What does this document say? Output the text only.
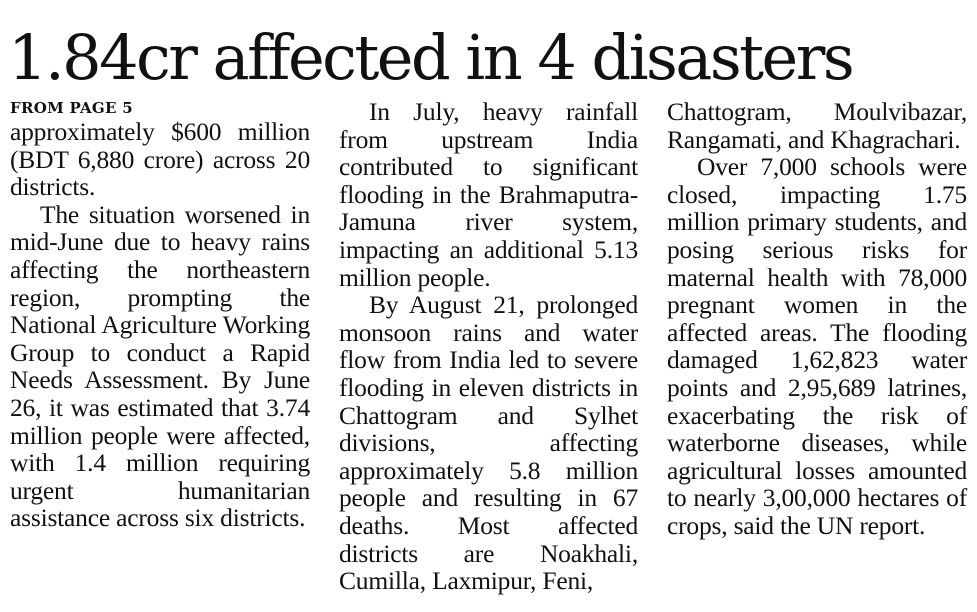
1.84cr affected in 4 disasters

FROM PAGE 5

approximately $600 million (BDT 6,880 crore) across 20 districts.

The situation worsened in mid-June due to heavy rains affecting the northeastern region, prompting the National Agriculture Working Group to conduct a Rapid Needs Assessment. By June 26, it was estimated that 3.74 million people were affected, with 1.4 million requiring urgent humanitarian assistance across six districts.

In July, heavy rainfall from upstream India contributed to significant flooding in the Brahmaputra-Jamuna river system, impacting an additional 5.13 million people.

By August 21, prolonged monsoon rains and water flow from India led to severe flooding in eleven districts in Chattogram and Sylhet divisions, affecting approximately 5.8 million people and resulting in 67 deaths. Most affected districts are Noakhali, Cumilla, Laxmipur, Feni,

Chattogram, Moulvibazar, Rangamati, and Khagrachari.

Over 7,000 schools were closed, impacting 1.75 million primary students, and posing serious risks for maternal health with 78,000 pregnant women in the affected areas. The flooding damaged 1,62,823 water points and 2,95,689 latrines, exacerbating the risk of waterborne diseases, while agricultural losses amounted to nearly 3,00,000 hectares of crops, said the UN report.
